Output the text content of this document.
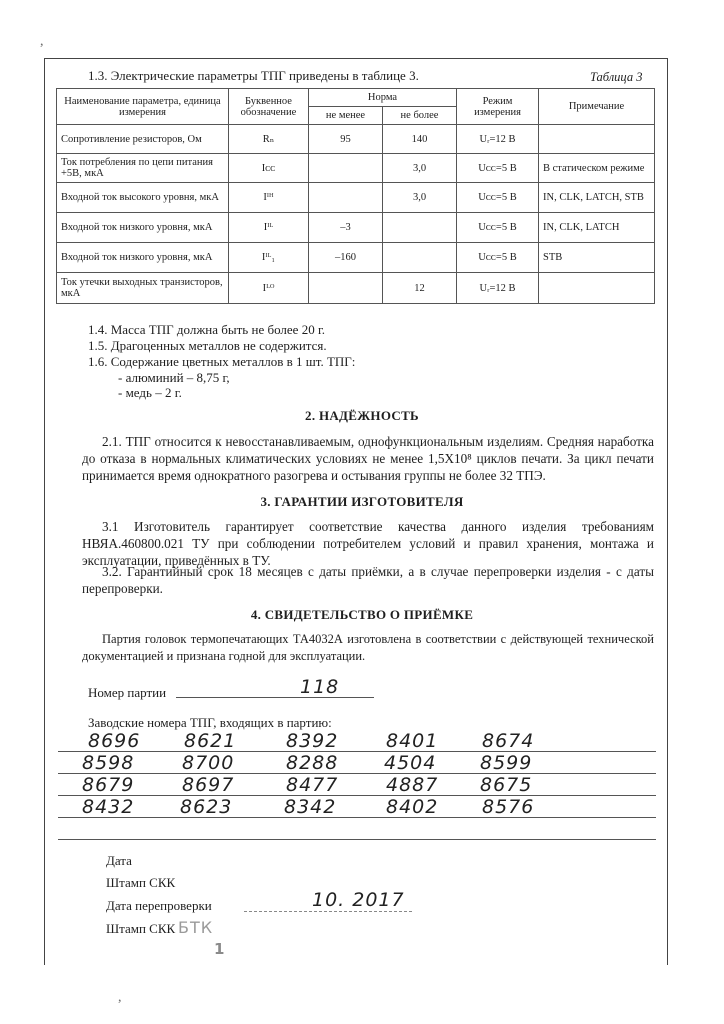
1.3. Электрические параметры ТПГ приведены в таблице 3.	Таблица 3
Наименование параметра, единица измерения	Буквенное обозначение	Норма		Режим измерения	Примечание
		не менее	не более		
Сопротивление резисторов, Ом	Rₙ	95	140	Uᵣ=12 В	
Ток потребления по цепи питания +5В, мкА	Iᴄᴄ		3,0	Uᴄᴄ=5 В	В статическом режиме
Входной ток высокого уровня, мкА	Iᴵᴴ		3,0	Uᴄᴄ=5 В	IN, CLK, LATCH, STB
Входной ток низкого уровня, мкА	Iᴵᴸ	–3		Uᴄᴄ=5 В	IN, CLK, LATCH
Входной ток низкого уровня, мкА	Iᴵᴸ₁	–160		Uᴄᴄ=5 В	STB
Ток утечки выходных транзисторов, мкА	Iᴸᴼ		12	Uᵣ=12 В	
1.4. Масса ТПГ должна быть не более 20 г.
1.5. Драгоценных металлов не содержится.
1.6. Содержание цветных металлов в 1 шт. ТПГ:
- алюминий – 8,75 г,
- медь – 2 г.
2. НАДЁЖНОСТЬ
2.1. ТПГ относится к невосстанавливаемым, однофункциональным изделиям. Средняя наработка до отказа в нормальных климатических условиях не менее 1,5Х10⁸ циклов печати. За цикл печати принимается время однократного разогрева и остывания группы не более 32 ТПЭ.
3. ГАРАНТИИ ИЗГОТОВИТЕЛЯ
3.1 Изготовитель гарантирует соответствие качества данного изделия требованиям НВЯА.460800.021 ТУ при соблюдении потребителем условий и правил хранения, монтажа и эксплуатации, приведённых в ТУ.
3.2. Гарантийный срок 18 месяцев с даты приёмки, а в случае перепроверки изделия - с даты перепроверки.
4. СВИДЕТЕЛЬСТВО О ПРИЁМКЕ
Партия головок термопечатающих ТА4032А изготовлена в соответствии с действующей технической документацией и признана годной для эксплуатации.
Номер партии	118
Заводские номера ТПГ, входящих в партию:
8696 8621	8392	8401 8674
8598	8700	8288 4504 8599
8679	8697	8477	4887 8675
8432 8623	8342	8402 8576
Дата
Штамп СКК
Дата перепроверки	10. 2017
Штамп СКК БТК
1
,
,
